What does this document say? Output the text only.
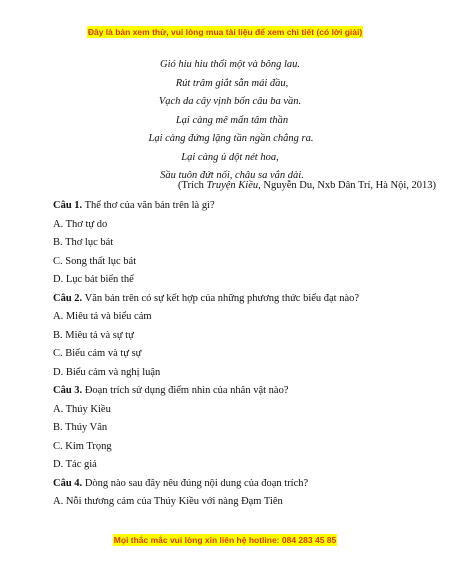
Đây là bản xem thử, vui lòng mua tài liệu để xem chi tiết (có lời giải)
Gió hiu hiu thổi một và bông lau.
Rút trâm giắt sẵn mái đầu,
Vạch da cây vịnh bốn câu ba vần.
Lại càng mê mẩn tâm thần
Lại càng đứng lặng tần ngần chẳng ra.
Lại càng ủ dột nét hoa,
Sầu tuôn đứt nối, châu sa vắn dài.
(Trích Truyện Kiều, Nguyễn Du, Nxb Dân Trí, Hà Nội, 2013)
Câu 1. Thể thơ của văn bản trên là gì?
A. Thơ tự do
B. Thơ lục bát
C. Song thất lục bát
D. Lục bát biến thể
Câu 2. Văn bản trên có sự kết hợp của những phương thức biểu đạt nào?
A. Miêu tả và biểu cảm
B. Miêu tả và sự tự
C. Biểu cảm và tự sự
D. Biểu cảm và nghị luận
Câu 3. Đoạn trích sử dụng điểm nhìn của nhân vật nào?
A. Thúy Kiều
B. Thúy Vân
C. Kim Trọng
D. Tác giả
Câu 4. Dòng nào sau đây nêu đúng nội dung của đoạn trích?
A. Nỗi thương cảm của Thúy Kiều với nàng Đạm Tiên
Mọi thắc mắc vui lòng xin liên hệ hotline: 084 283 45 85
